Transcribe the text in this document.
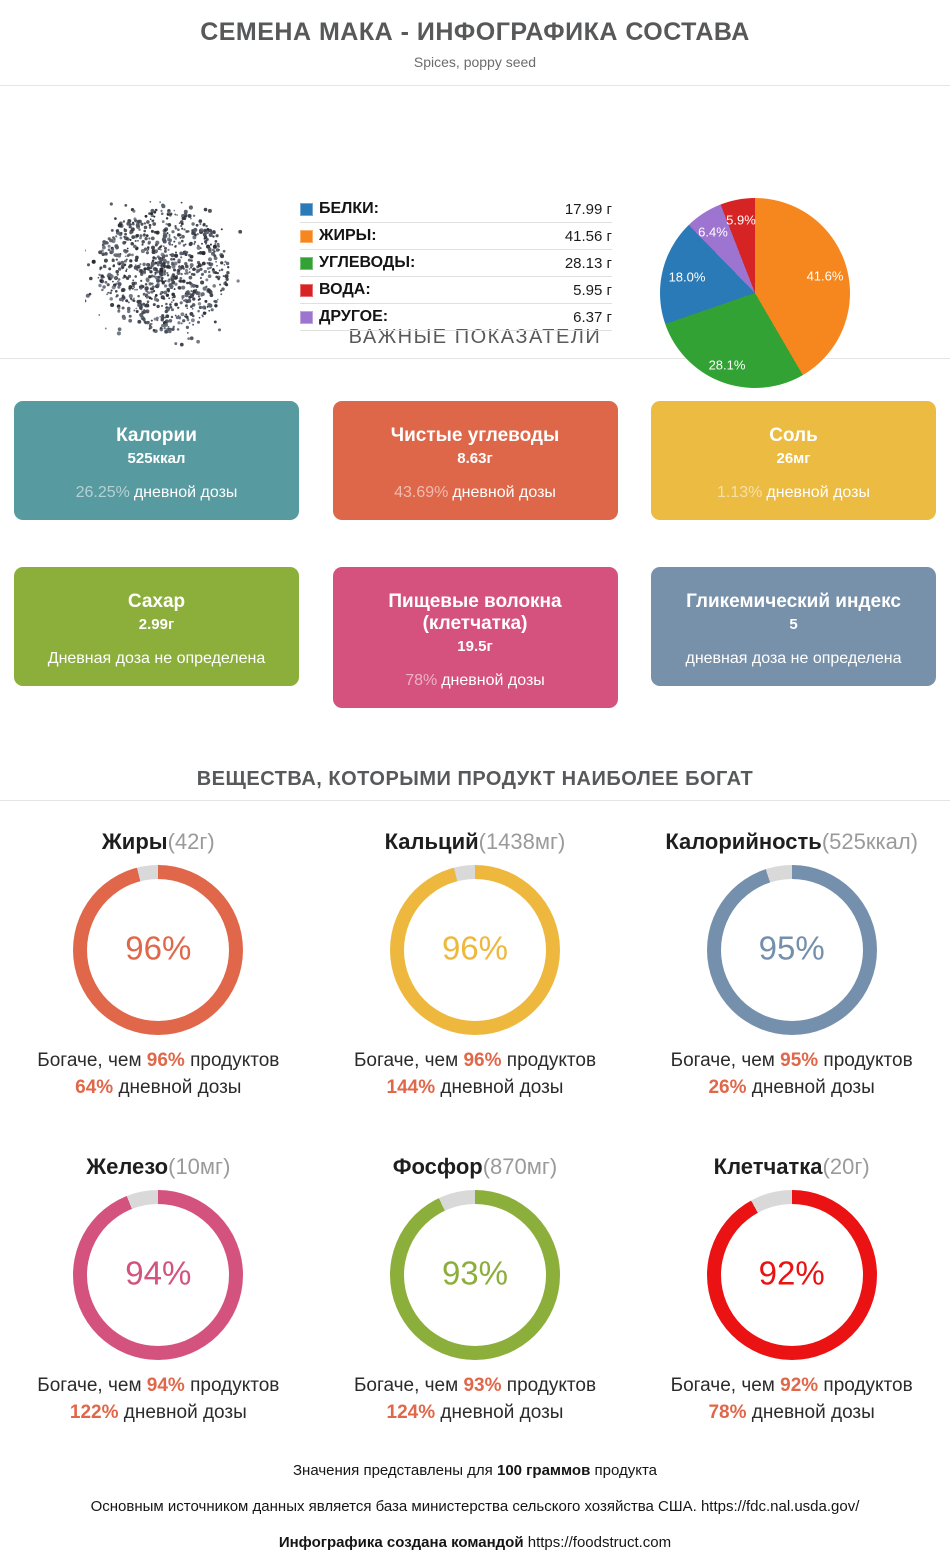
СЕМЕНА МАКА - ИНФОГРАФИКА СОСТАВА
Spices, poppy seed
БЕЛКИ:	17.99 г
ЖИРЫ:	41.56 г
УГЛЕВОДЫ:	28.13 г
ВОДА:	5.95 г
ДРУГОЕ:	6.37 г
41.6%
28.1%
18.0%
6.4%
5.9%
ВАЖНЫЕ ПОКАЗАТЕЛИ
Калории
525ккал
26.25% дневной дозы
Чистые углеводы
8.63г
43.69% дневной дозы
Соль
26мг
1.13% дневной дозы
Сахар
2.99г
Дневная доза не определена
Пищевые волокна (клетчатка)
19.5г
78% дневной дозы
Гликемический индекс
5
дневная доза не определена
ВЕЩЕСТВА, КОТОРЫМИ ПРОДУКТ НАИБОЛЕЕ БОГАТ
Жиры(42г)
96%
Богаче, чем 96% продуктов
64% дневной дозы
Кальций(1438мг)
96%
Богаче, чем 96% продуктов
144% дневной дозы
Калорийность(525ккал)
95%
Богаче, чем 95% продуктов
26% дневной дозы
Железо(10мг)
94%
Богаче, чем 94% продуктов
122% дневной дозы
Фосфор(870мг)
93%
Богаче, чем 93% продуктов
124% дневной дозы
Клетчатка(20г)
92%
Богаче, чем 92% продуктов
78% дневной дозы
Значения представлены для 100 граммов продукта
Основным источником данных является база министерства сельского хозяйства США. https://fdc.nal.usda.gov/
Инфографика создана командой https://foodstruct.com
